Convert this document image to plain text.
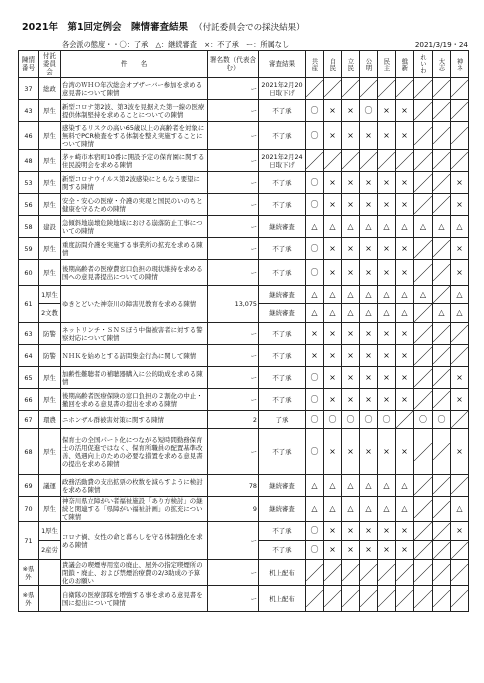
2021年　第1回定例会　陳情審査結果 （付託委員会での採決結果）
各会派の態度・・〇：了承　△：継続審査　×：不了承　ー：所属なし	2021/3/19・24
陳情番号	付託委員会	件　　名	署名数（代表含む）	審査結果	共産	自民	立民	公明	民主	維新	れいわ	大志	神ネ
37	総政	台湾のＷＨＯ年次総会オブザーバー参加を求める意見書について陳情	ー	2021年2月20日取下げ	

43	厚生	新型コロナ第2波、第3波を見据えた第一線の医療提供体制堅持を求めることについての陳情	ー	不了承	〇	×	×	〇	×	×	

46	厚生	感染するリスクの高い65歳以上の高齢者を対象に無料でPCR検査をする体制を整え実施することについて陳情	ー	不了承	〇	×	×	×	×	×	

48	厚生	茅ヶ崎市本宿町10番に開設予定の保育園に関する住民説明会を求める陳情	ー	2021年2月24日取下げ	

53	厚生	新型コロナウイルス第2波感染にともなう要望に関する陳情	ー	不了承	〇	×	×	×	×	×			×
56	厚生	安全・安心の医療・介護の実現と国民のいのちと健康を守るための陳情	ー	不了承	〇	×	×	×	×	×			×
58	建設	急傾斜地崩壊危険地域における崩落防止工事についての陳情	ー	継続審査	△	△	△	△	△	△	△	△	△
59	厚生	重度訪問介護を実施する事業所の拡充を求める陳情	ー	不了承	〇	×	×	×	×	×			×
60	厚生	後期高齢者の医療費窓口負担の現状維持を求める国への意見書提出についての陳情	ー	不了承	〇	×	×	×	×	×			×
61	1厚生	ゆきとどいた神奈川の障害児教育を求める陳情	13,075	継続審査	△	△	△	△	△	△	△		△
	2文教			継続審査	△	△	△	△	△	△		△	△
63	防警	ネットリンチ・ＳＮＳぼう中傷被害者に対する警察対応について陳情	ー	不了承	×	×	×	×	×	×	

64	防警	ＮＨＫを始めとする訪問集金行為に関して陳情	ー	不了承	×	×	×	×	×	×	

65	厚生	加齢性難聴者の補聴器購入に公的助成を求める陳情	ー	不了承	〇	×	×	×	×	×			×
66	厚生	後期高齢者医療保険の窓口負担の２割化の中止・撤回を求める意見書の提出を求める陳情	ー	不了承	〇	×	×	×	×	×			×
67	環農	ニホンザル群被害対策に関する陳情	2	了承	〇	〇	〇	〇	〇		〇	〇	

68	厚生	保育士の全国パート化につながる短時間勤務保育士の活用促進ではなく、保育所職員の配置基準改善、処遇向上のための必要な措置を求める意見書の提出を求める陳情	ー	不了承	〇	×	×	×	×	×			×
69	議運	政務活動費の支出拡票の枚数を減らすように検討を求める陳情	78	継続審査	△	△	△	△	△	△	

70	厚生	神奈川県立障がい者福祉施設「あり方検討」の継続と関連する「県障がい福祉計画」の拡充について陳情	9	継続審査	△	△	△	△	△	△			△
71	1厚生	コロナ禍、女性の命と暮らしを守る体制強化を求める陳情	ー	不了承	〇	×	×	×	×	×			×
	2産労			不了承	〇	×	×	×	×	×	

※県外		貴議会の喫煙専用室の廃止、屋外の指定喫煙所の閉鎖・廃止、および禁煙治療費の2/3助成の予算化のお願い	ー	机上配布	

※県外		自衛隊の医療部隊を増強する事を求める意見書を国に提出について陳情	ー	机上配布	
